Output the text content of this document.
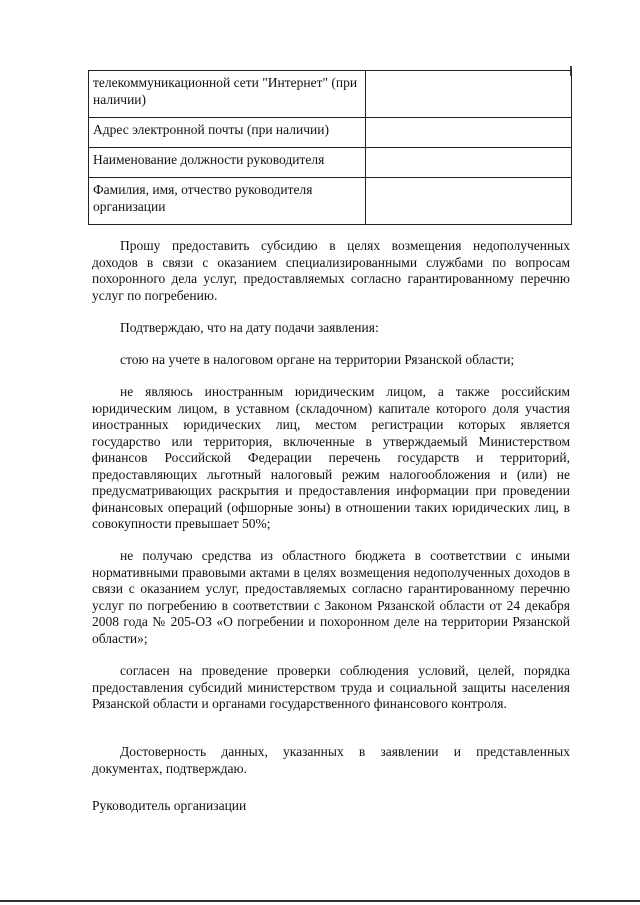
телекоммуникационной сети "Интернет" (при наличии)	
Адрес электронной почты (при наличии)	
Наименование должности руководителя	
Фамилия, имя, отчество руководителя организации	

Прошу предоставить субсидию в целях возмещения недополученных доходов в связи с оказанием специализированными службами по вопросам похоронного дела услуг, предоставляемых согласно гарантированному перечню услуг по погребению.

Подтверждаю, что на дату подачи заявления:

стою на учете в налоговом органе на территории Рязанской области;

не являюсь иностранным юридическим лицом, а также российским юридическим лицом, в уставном (складочном) капитале которого доля участия иностранных юридических лиц, местом регистрации которых является государство или территория, включенные в утверждаемый Министерством финансов Российской Федерации перечень государств и территорий, предоставляющих льготный налоговый режим налогообложения и (или) не предусматривающих раскрытия и предоставления информации при проведении финансовых операций (офшорные зоны) в отношении таких юридических лиц, в совокупности превышает 50%;

не получаю средства из областного бюджета в соответствии с иными нормативными правовыми актами в целях возмещения недополученных доходов в связи с оказанием услуг, предоставляемых согласно гарантированному перечню услуг по погребению в соответствии с Законом Рязанской области от 24 декабря 2008 года № 205-ОЗ «О погребении и похоронном деле на территории Рязанской области»;

согласен на проведение проверки соблюдения условий, целей, порядка предоставления субсидий министерством труда и социальной защиты населения Рязанской области и органами государственного финансового контроля.

Достоверность данных, указанных в заявлении и представленных документах, подтверждаю.

Руководитель организации
